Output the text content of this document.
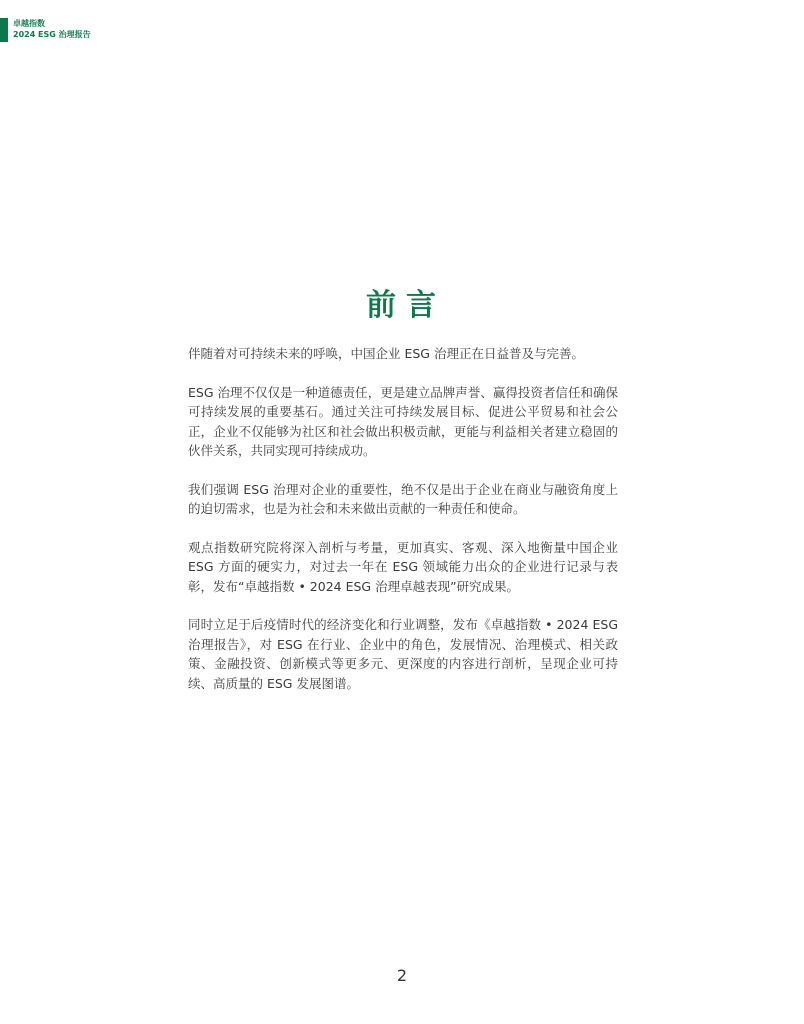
卓越指数
2024 ESG 治理报告
前言

伴随着对可持续未来的呼唤，中国企业 ESG 治理正在日益普及与完善。

ESG 治理不仅仅是一种道德责任，更是建立品牌声誉、赢得投资者信任和确保可持续发展的重要基石。通过关注可持续发展目标、促进公平贸易和社会公正，企业不仅能够为社区和社会做出积极贡献，更能与利益相关者建立稳固的伙伴关系，共同实现可持续成功。

我们强调 ESG 治理对企业的重要性，绝不仅是出于企业在商业与融资角度上的迫切需求，也是为社会和未来做出贡献的一种责任和使命。

观点指数研究院将深入剖析与考量，更加真实、客观、深入地衡量中国企业 ESG 方面的硬实力，对过去一年在 ESG 领域能力出众的企业进行记录与表彰，发布“卓越指数 • 2024 ESG 治理卓越表现”研究成果。

同时立足于后疫情时代的经济变化和行业调整，发布《卓越指数 • 2024 ESG 治理报告》，对 ESG 在行业、企业中的角色，发展情况、治理模式、相关政策、金融投资、创新模式等更多元、更深度的内容进行剖析，呈现企业可持续、高质量的 ESG 发展图谱。

2
